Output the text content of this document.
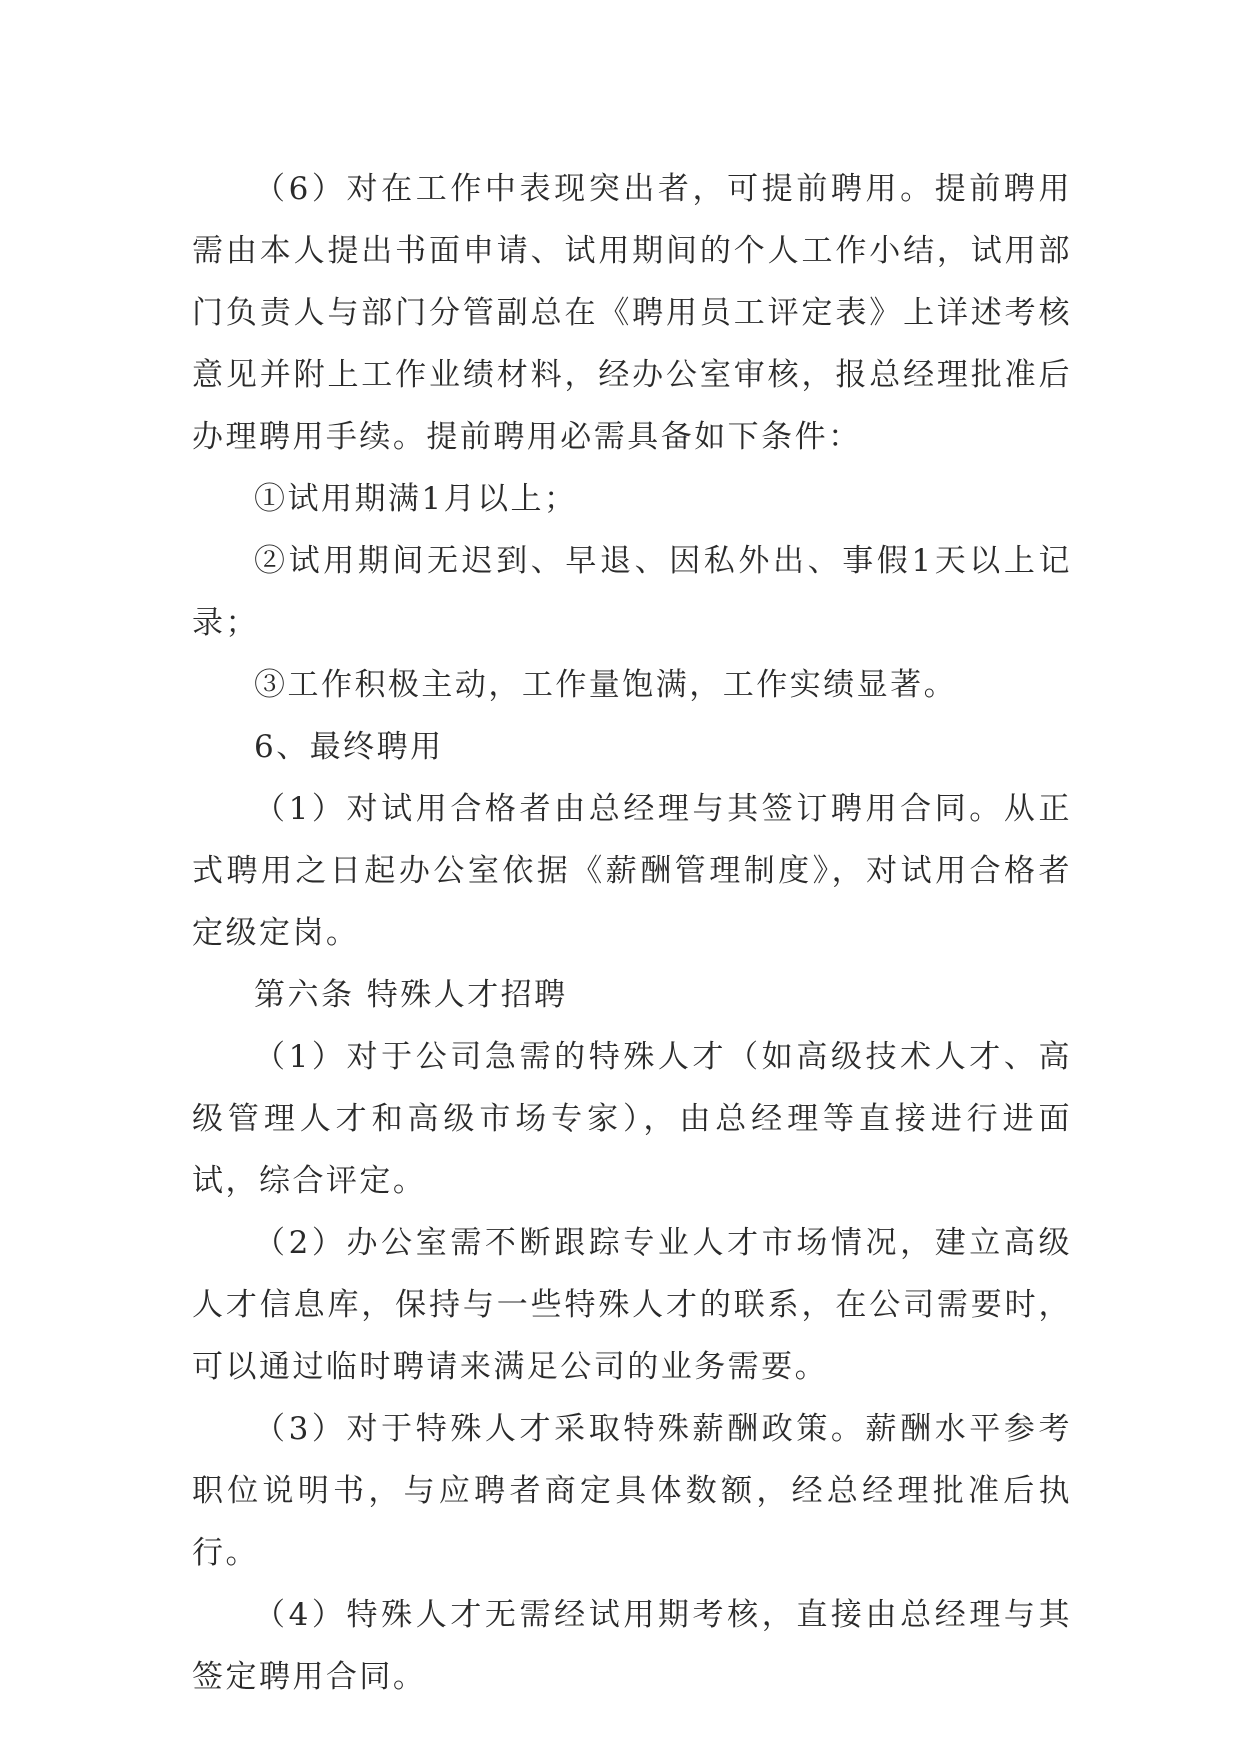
（6）对在工作中表现突出者，可提前聘用。提前聘用需由本人提出书面申请、试用期间的个人工作小结，试用部门负责人与部门分管副总在《聘用员工评定表》上详述考核意见并附上工作业绩材料，经办公室审核，报总经理批准后办理聘用手续。提前聘用必需具备如下条件：

①试用期满1月以上；

②试用期间无迟到、早退、因私外出、事假1天以上记录；

③工作积极主动，工作量饱满，工作实绩显著。

6、最终聘用

（1）对试用合格者由总经理与其签订聘用合同。从正式聘用之日起办公室依据《薪酬管理制度》，对试用合格者定级定岗。

第六条 特殊人才招聘

（1）对于公司急需的特殊人才（如高级技术人才、高级管理人才和高级市场专家），由总经理等直接进行进面试，综合评定。

（2）办公室需不断跟踪专业人才市场情况，建立高级人才信息库，保持与一些特殊人才的联系，在公司需要时，可以通过临时聘请来满足公司的业务需要。

（3）对于特殊人才采取特殊薪酬政策。薪酬水平参考职位说明书，与应聘者商定具体数额，经总经理批准后执行。

（4）特殊人才无需经试用期考核，直接由总经理与其签定聘用合同。
